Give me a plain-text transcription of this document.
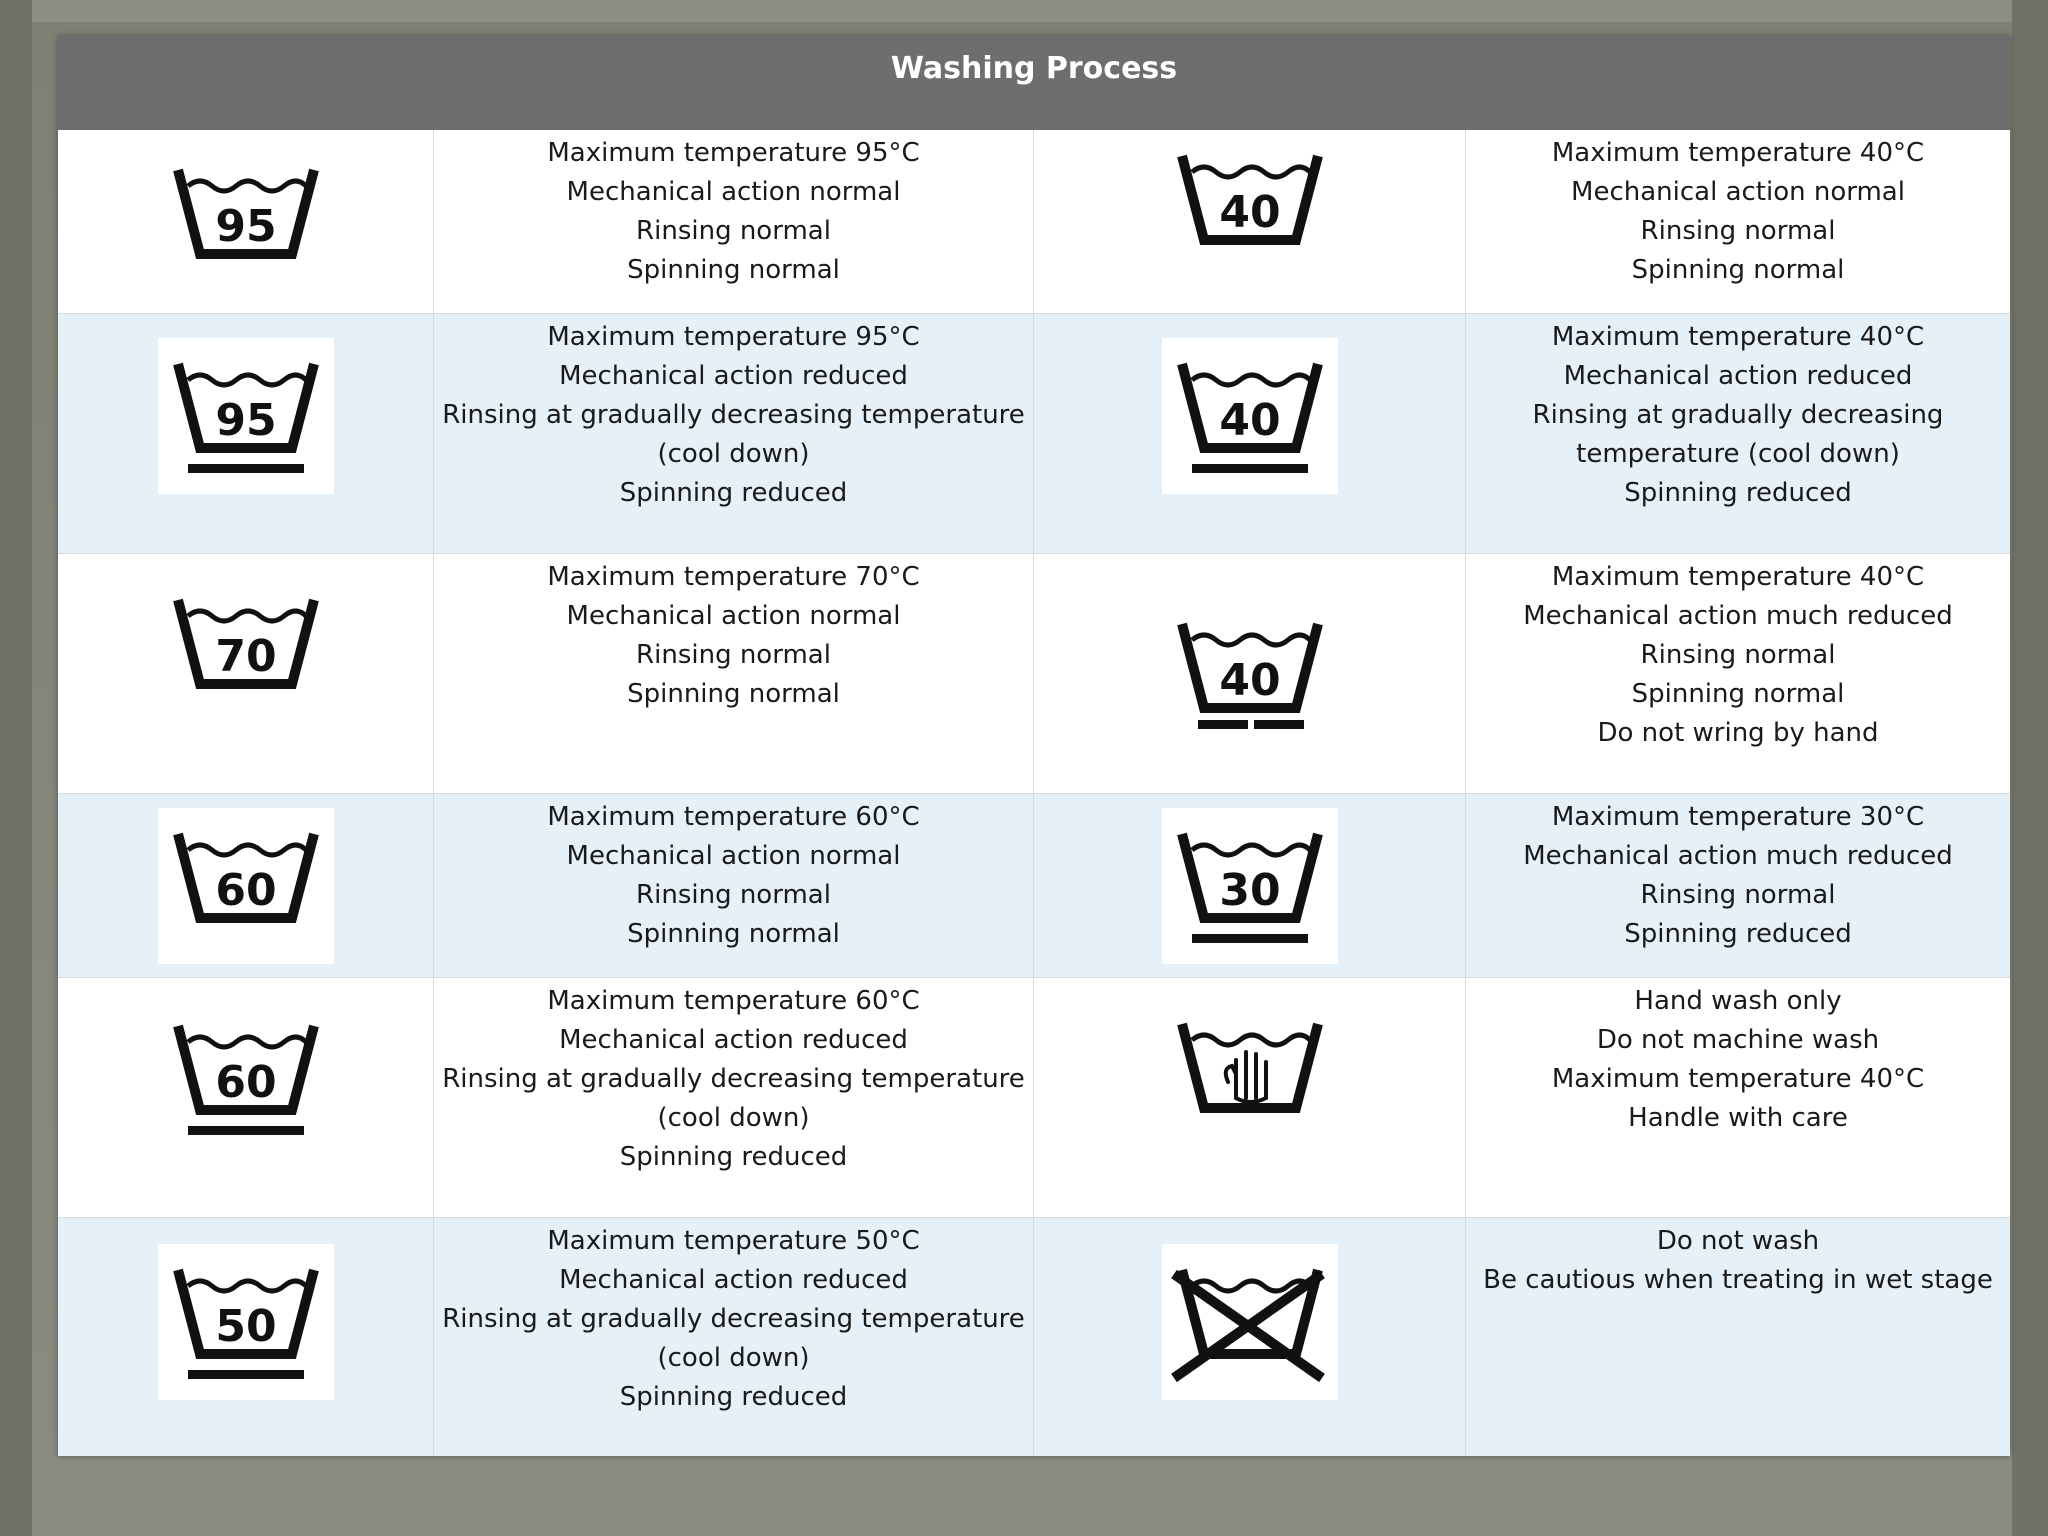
Washing Process
95
Maximum temperature 95°C
Mechanical action normal
Rinsing normal
Spinning normal
40
Maximum temperature 40°C
Mechanical action normal
Rinsing normal
Spinning normal
95
Maximum temperature 95°C
Mechanical action reduced
Rinsing at gradually decreasing temperature
(cool down)
Spinning reduced
40
Maximum temperature 40°C
Mechanical action reduced
Rinsing at gradually decreasing
temperature (cool down)
Spinning reduced
70
Maximum temperature 70°C
Mechanical action normal
Rinsing normal
Spinning normal	40
Maximum temperature 40°C
Mechanical action much reduced
Rinsing normal
Spinning normal
Do not wring by hand
60
Maximum temperature 60°C
Mechanical action normal
Rinsing normal
Spinning normal
30
Maximum temperature 30°C
Mechanical action much reduced
Rinsing normal
Spinning reduced
60
Maximum temperature 60°C
Mechanical action reduced
Rinsing at gradually decreasing temperature
(cool down)
Spinning reduced
Hand wash only
Do not machine wash
Maximum temperature 40°C
Handle with care
50
Maximum temperature 50°C
Mechanical action reduced
Rinsing at gradually decreasing temperature
(cool down)
Spinning reduced
Do not wash
Be cautious when treating in wet stage
